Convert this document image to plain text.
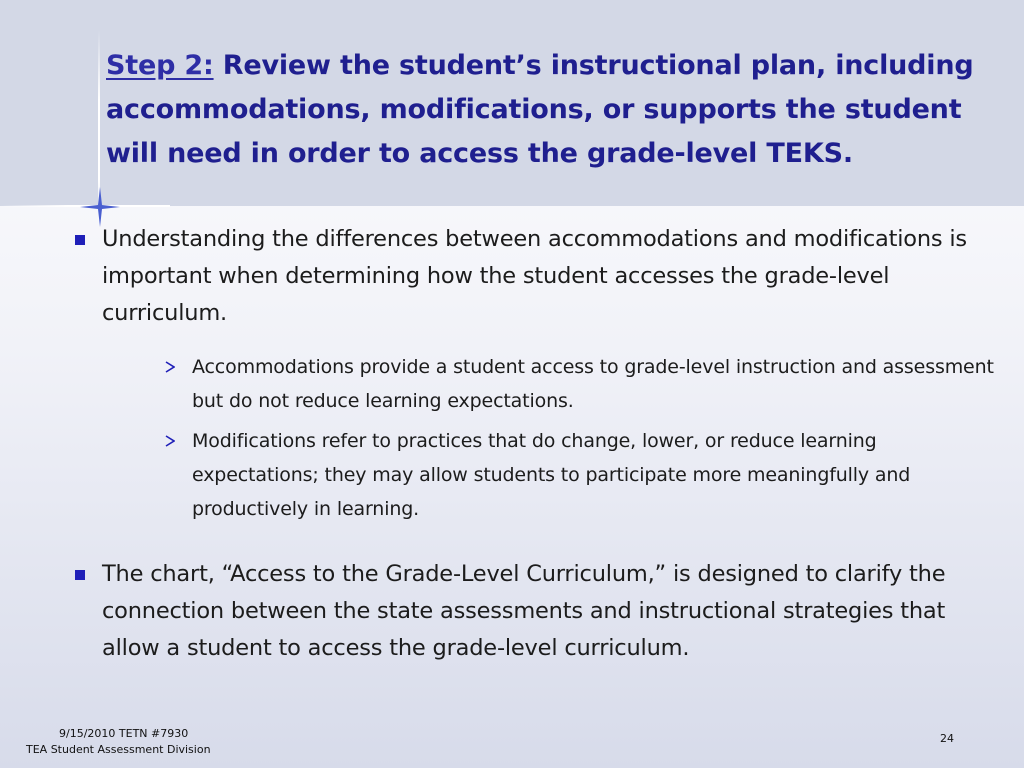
Step 2: Review the student’s instructional plan, including accommodations, modifications, or supports the student will need in order to access the grade-level TEKS.

Understanding the differences between accommodations and modifications is important when determining how the student accesses the grade-level curriculum.

Accommodations provide a student access to grade-level instruction and assessment but do not reduce learning expectations.

Modifications refer to practices that do change, lower, or reduce learning expectations; they may allow students to participate more meaningfully and productively in learning.

The chart, “Access to the Grade-Level Curriculum,” is designed to clarify the connection between the state assessments and instructional strategies that allow a student to access the grade-level curriculum.

9/15/2010 TETN #7930
TEA Student Assessment Division
24
